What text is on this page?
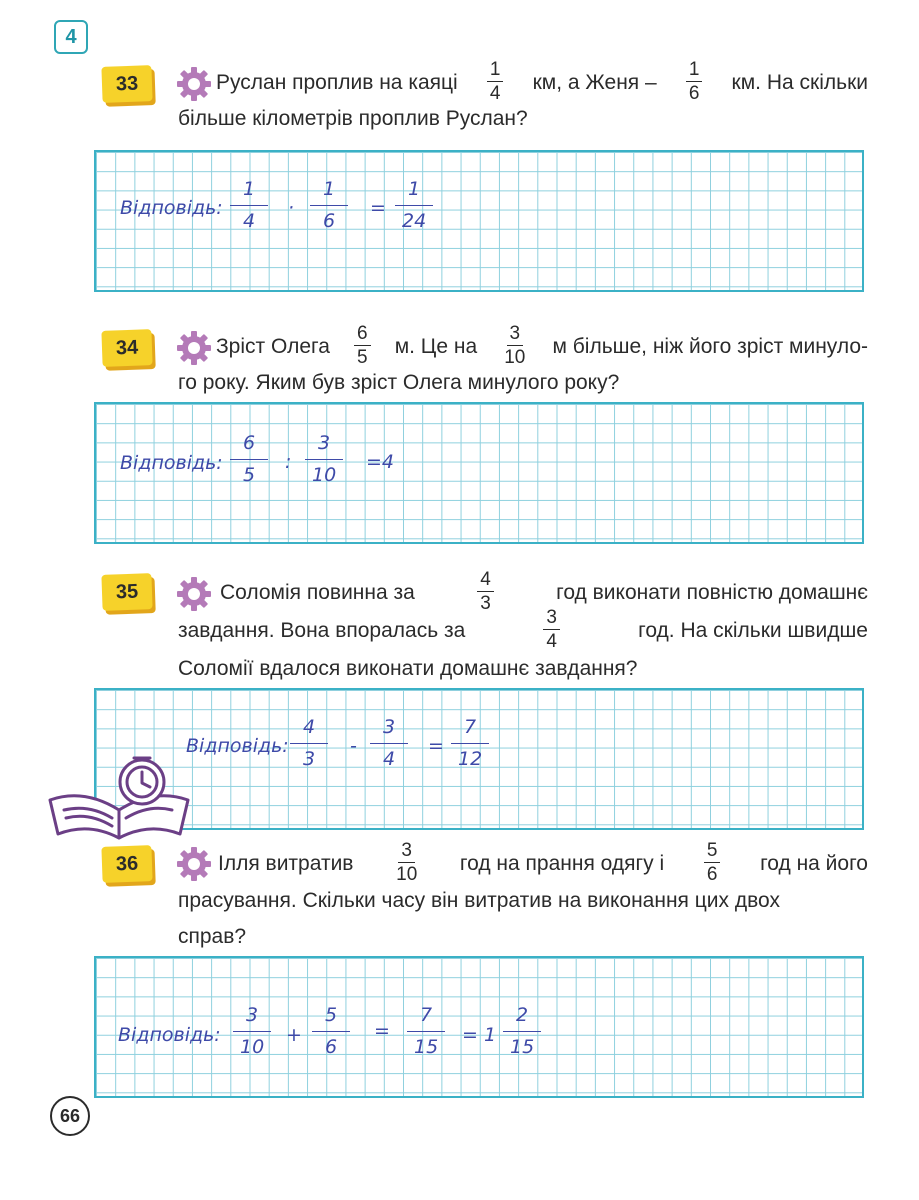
4
33	Руслан проплив на каяці $\frac{1}{4}$ км, а Женя – $\frac{1}{6}$ км. На скільки
більше кілометрів проплив Руслан?
Відповідь:
1
4
·
1
6
=
1
24
34	Зріст Олега $\frac{6}{5} м$. Це на $\frac{3}{10}$ м більше, ніж його зріст минуло-
го року. Яким був зріст Олега минулого року?
Відповідь:
6
5
:
3
10
=4
35	Соломія повинна за	$\frac{4}{3}$	год виконати повністю домашнє
завдання. Вона впоралась за	$\frac{3}{4}$	год. На скільки швидше
Соломії вдалося виконати домашнє завдання?
Відповідь:
4
3
-
3
4
=
7
12
36	Ілля витратив $\frac{3}{10}$ год на прання одягу і $\frac{5}{6}$ год на його
прасування. Скільки часу він витратив на виконання цих двох
справ?
Відповідь:
3
10
+
5
6
=
7
15
= 1
2
15
66
